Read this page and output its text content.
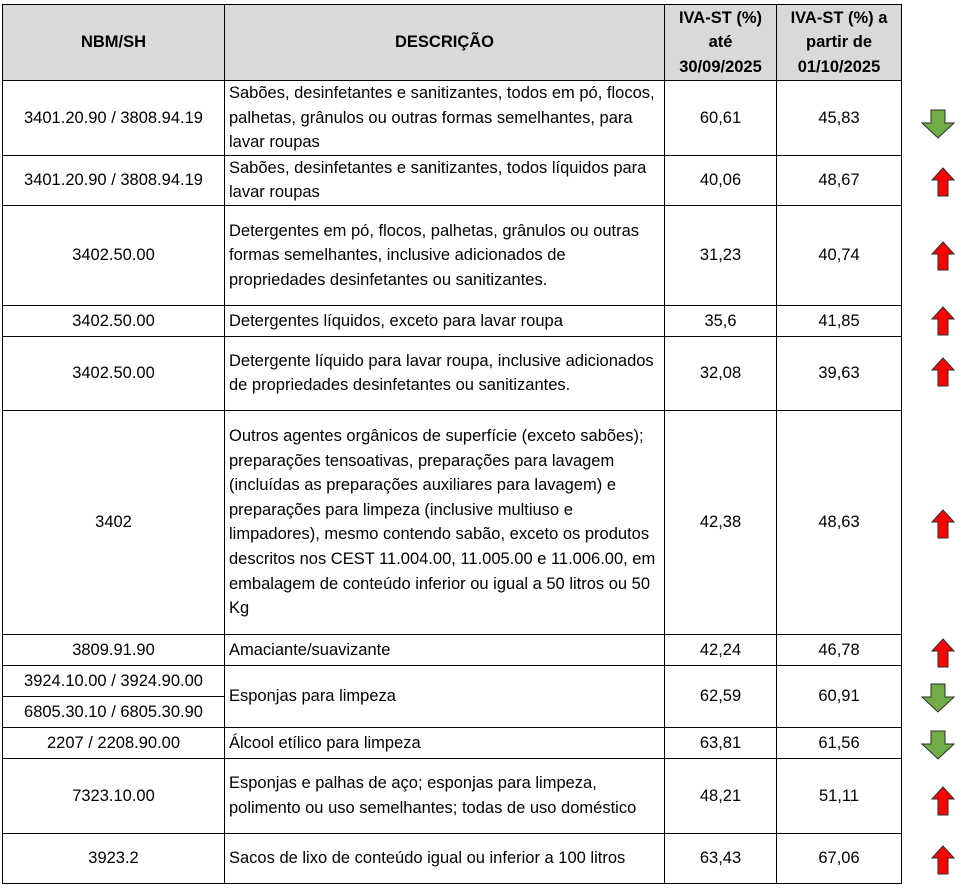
NBM/SH	DESCRIÇÃO	IVA-ST (%) até 30/09/2025	IVA-ST (%) a partir de 01/10/2025
3401.20.90 / 3808.94.19	Sabões, desinfetantes e sanitizantes, todos em pó, flocos, palhetas, grânulos ou outras formas semelhantes, para lavar roupas	60,61	45,83
3401.20.90 / 3808.94.19	Sabões, desinfetantes e sanitizantes, todos líquidos para lavar roupas	40,06	48,67
3402.50.00	Detergentes em pó, flocos, palhetas, grânulos ou outras formas semelhantes, inclusive adicionados de propriedades desinfetantes ou sanitizantes.	31,23	40,74
3402.50.00	Detergentes líquidos, exceto para lavar roupa	35,6	41,85
3402.50.00	Detergente líquido para lavar roupa, inclusive adicionados de propriedades desinfetantes ou sanitizantes.	32,08	39,63
3402	Outros agentes orgânicos de superfície (exceto sabões); preparações tensoativas, preparações para lavagem (incluídas as preparações auxiliares para lavagem) e preparações para limpeza (inclusive multiuso e limpadores), mesmo contendo sabão, exceto os produtos descritos nos CEST 11.004.00, 11.005.00 e 11.006.00, em embalagem de conteúdo inferior ou igual a 50 litros ou 50 Kg	42,38	48,63
3809.91.90	Amaciante/suavizante	42,24	46,78
3924.10.00 / 3924.90.00	Esponjas para limpeza	62,59	60,91
6805.30.10 / 6805.30.90			
2207 / 2208.90.00	Álcool etílico para limpeza	63,81	61,56
7323.10.00	Esponjas e palhas de aço; esponjas para limpeza, polimento ou uso semelhantes; todas de uso doméstico	48,21	51,11
3923.2	Sacos de lixo de conteúdo igual ou inferior a 100 litros	63,43	67,06
